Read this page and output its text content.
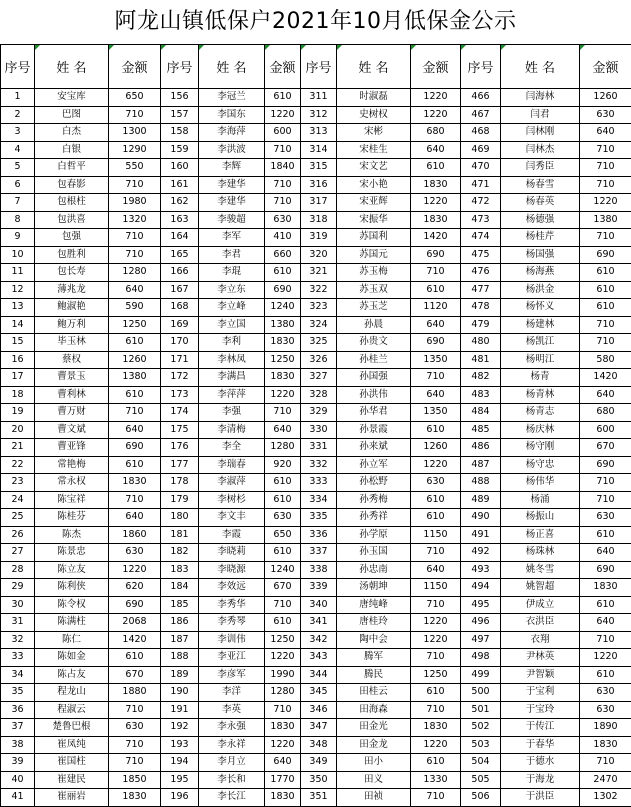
阿龙山镇低保户2021年10月低保金公示
序号	姓 名	金额	序号	姓 名	金额	序号	姓 名	金额	序号	姓 名	金额
1	安宝库	650	156	李冠兰	610	311	时淑磊	1220	466	闫海林	1260
2	巴图	710	157	李国东	1220	312	史树权	1220	467	闫君	630
3	白杰	1300	158	李海萍	600	313	宋彬	680	468	闫林刚	640
4	白银	1290	159	李洪波	710	314	宋桂生	640	469	闫林杰	710
5	白哲平	550	160	李辉	1840	315	宋文艺	610	470	闫秀臣	710
6	包春影	710	161	李建华	710	316	宋小艳	1830	471	杨春雪	710
7	包根柱	1980	162	李建华	710	317	宋亚辉	1220	472	杨春英	1220
8	包洪喜	1320	163	李骏超	630	318	宋振华	1830	473	杨德强	1380
9	包强	710	164	李军	410	319	苏国利	1420	474	杨桂芹	710
10	包胜利	710	165	李君	660	320	苏国元	690	475	杨国强	690
11	包长寿	1280	166	李琨	610	321	苏玉梅	710	476	杨海燕	610
12	薄兆龙	640	167	李立东	690	322	苏玉双	610	477	杨洪金	610
13	鲍淑艳	590	168	李立峰	1240	323	苏玉芝	1120	478	杨怀义	610
14	鲍万利	1250	169	李立国	1380	324	孙晨	640	479	杨建林	710
15	毕玉林	610	170	李利	1830	325	孙贵文	690	480	杨凯江	710
16	蔡权	1260	171	李林凤	1250	326	孙桂兰	1350	481	杨明江	580
17	曹景玉	1380	172	李满昌	1830	327	孙国强	710	482	杨青	1420
18	曹利林	610	173	李萍萍	1220	328	孙洪伟	640	483	杨青林	640
19	曹万财	710	174	李强	710	329	孙华君	1350	484	杨青志	680
20	曹文斌	640	175	李清梅	640	330	孙景霞	610	485	杨庆林	600
21	曹亚锋	690	176	李全	1280	331	孙来斌	1260	486	杨守刚	670
22	常艳梅	610	177	李瑞春	920	332	孙立军	1220	487	杨守忠	690
23	常永权	1830	178	李淑萍	610	333	孙松野	630	488	杨伟华	710
24	陈宝祥	710	179	李树杉	610	334	孙秀梅	610	489	杨涌	710
25	陈桂芬	640	180	李文丰	630	335	孙秀祥	610	490	杨振山	630
26	陈杰	1860	181	李霞	650	336	孙学原	1150	491	杨正喜	610
27	陈景忠	630	182	李晓莉	610	337	孙玉国	710	492	杨珠林	640
28	陈立友	1220	183	李晓源	1240	338	孙忠南	640	493	姚冬雪	690
29	陈利侠	620	184	李效远	670	339	汤朝坤	1150	494	姚智超	1830
30	陈令权	690	185	李秀华	710	340	唐纯峰	710	495	伊成立	610
31	陈满柱	2068	186	李秀琴	610	341	唐桂玲	1220	496	衣洪臣	640
32	陈仁	1420	187	李训伟	1250	342	陶中会	1220	497	衣翔	710
33	陈如金	610	188	李亚江	1220	343	腾军	710	498	尹林英	1220
34	陈占友	670	189	李彦军	1990	344	腾民	1250	499	尹智颖	610
35	程龙山	1880	190	李洋	1280	345	田桂云	610	500	于宝利	630
36	程淑云	710	191	李英	710	346	田海森	710	501	于宝玲	630
37	楚鲁巴根	630	192	李永强	1830	347	田金光	1830	502	于传江	1890
38	崔凤纯	710	193	李永祥	1220	348	田金龙	1220	503	于春华	1830
39	崔国柱	710	194	李月立	640	349	田小	610	504	于德水	710
40	崔建民	1850	195	李长和	1770	350	田义	1330	505	于海龙	2470
41	崔丽岩	1830	196	李长江	1830	351	田祯	710	506	于洪臣	1302
